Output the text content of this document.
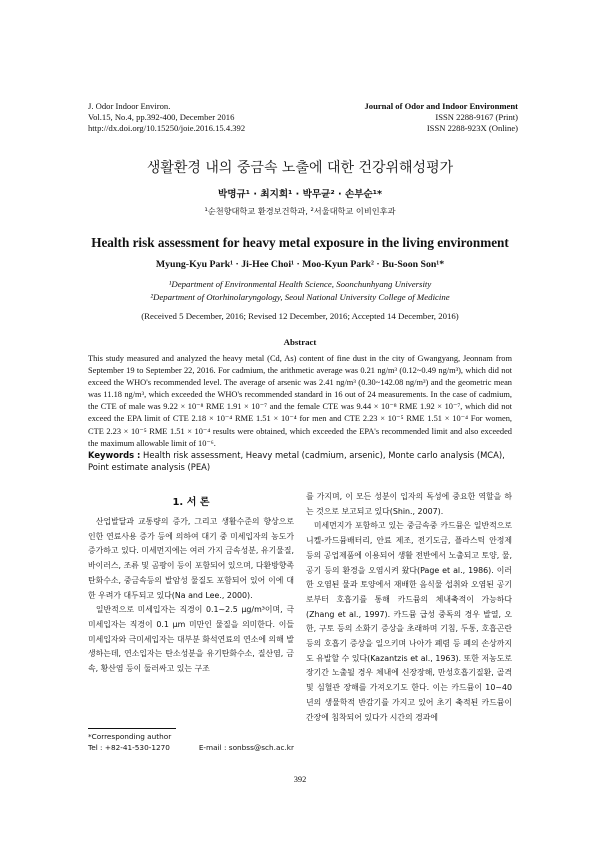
J. Odor Indoor Environ.
Vol.15, No.4, pp.392-400, December 2016
http://dx.doi.org/10.15250/joie.2016.15.4.392
Journal of Odor and Indoor Environment
ISSN 2288-9167 (Print)
ISSN 2288-923X (Online)
생활환경 내의 중금속 노출에 대한 건강위해성평가
박명규¹ · 최지희¹ · 박무균² · 손부순¹*
¹순천향대학교 환경보건학과, ²서울대학교 이비인후과
Health risk assessment for heavy metal exposure in the living environment
Myung-Kyu Park¹ · Ji-Hee Choi¹ · Moo-Kyun Park² · Bu-Soon Son¹*
¹Department of Environmental Health Science, Soonchunhyang University
²Department of Otorhinolaryngology, Seoul National University College of Medicine
(Received 5 December, 2016; Revised 12 December, 2016; Accepted 14 December, 2016)
Abstract
This study measured and analyzed the heavy metal (Cd, As) content of fine dust in the city of Gwangyang, Jeonnam from September 19 to September 22, 2016. For cadmium, the arithmetic average was 0.21 ng/m³ (0.12~0.49 ng/m³), which did not exceed the WHO's recommended level. The average of arsenic was 2.41 ng/m³ (0.30~142.08 ng/m³) and the geometric mean was 11.18 ng/m³, which exceeded the WHO's recommended standard in 16 out of 24 measurements. In the case of cadmium, the CTE of male was 9.22 × 10⁻⁸ RME 1.91 × 10⁻⁷ and the female CTE was 9.44 × 10⁻⁸ RME 1.92 × 10⁻⁷, which did not exceed the EPA limit of CTE 2.18 × 10⁻⁴ RME 1.51 × 10⁻⁴ for men and CTE 2.23 × 10⁻⁵ RME 1.51 × 10⁻⁴ For women, CTE 2.23 × 10⁻⁵ RME 1.51 × 10⁻⁴ results were obtained, which exceeded the EPA's recommended limit and also exceeded the maximum allowable limit of 10⁻⁶.
Keywords : Health risk assessment, Heavy metal (cadmium, arsenic), Monte carlo analysis (MCA), Point estimate analysis (PEA)
1. 서 론

산업발달과 교통량의 증가, 그리고 생활수준의 향상으로 인한 연료사용 증가 등에 의하여 대기 중 미세입자의 농도가 증가하고 있다. 미세먼지에는 여러 가지 금속성분, 유기물질, 바이러스, 조류 및 곰팡이 등이 포함되어 있으며, 다환방향족탄화수소, 중금속등의 발암성 물질도 포함되어 있어 이에 대한 우려가 대두되고 있다(Na and Lee., 2000).

일반적으로 미세입자는 직경이 0.1~2.5 μg/m³이며, 극미세입자는 직경이 0.1 μm 미만인 물질을 의미한다. 이들 미세입자와 극미세입자는 대부분 화석연료의 연소에 의해 발생하는데, 연소입자는 탄소성분을 유기탄화수소, 질산염, 금속, 황산염 등이 둘러싸고 있는 구조

를 가지며, 이 모든 성분이 입자의 독성에 중요한 역할을 하는 것으로 보고되고 있다(Shin., 2007).

미세먼지가 포함하고 있는 중금속중 카드뮴은 일반적으로 니켈-카드뮴배터리, 안료 제조, 전기도금, 플라스틱 안정제 등의 공업제품에 이용되어 생활 전반에서 노출되고 토양, 물, 공기 등의 환경을 오염시켜 왔다(Page et al., 1986). 이러한 오염된 물과 토양에서 재배한 음식물 섭취와 오염된 공기로부터 호흡기를 통해 카드뮴의 체내축적이 가능하다(Zhang et al., 1997). 카드뮴 급성 중독의 경우 발열, 오한, 구토 등의 소화기 증상을 초래하며 기침, 두통, 호흡곤란 등의 호흡기 증상을 일으키며 나아가 폐렴 등 폐의 손상까지도 유발할 수 있다(Kazantzis et al., 1963). 또한 저농도로 장기간 노출될 경우 체내에 신장장해, 만성호흡기질환, 골격 및 심혈관 장해를 가져오기도 한다. 이는 카드뮴이 10~40년의 생물학적 반감기를 가지고 있어 초기 축적된 카드뮴이 간장에 침착되어 있다가 시간의 경과에

*Corresponding author
Tel : +82-41-530-1270	E-mail : sonbss@sch.ac.kr
392
